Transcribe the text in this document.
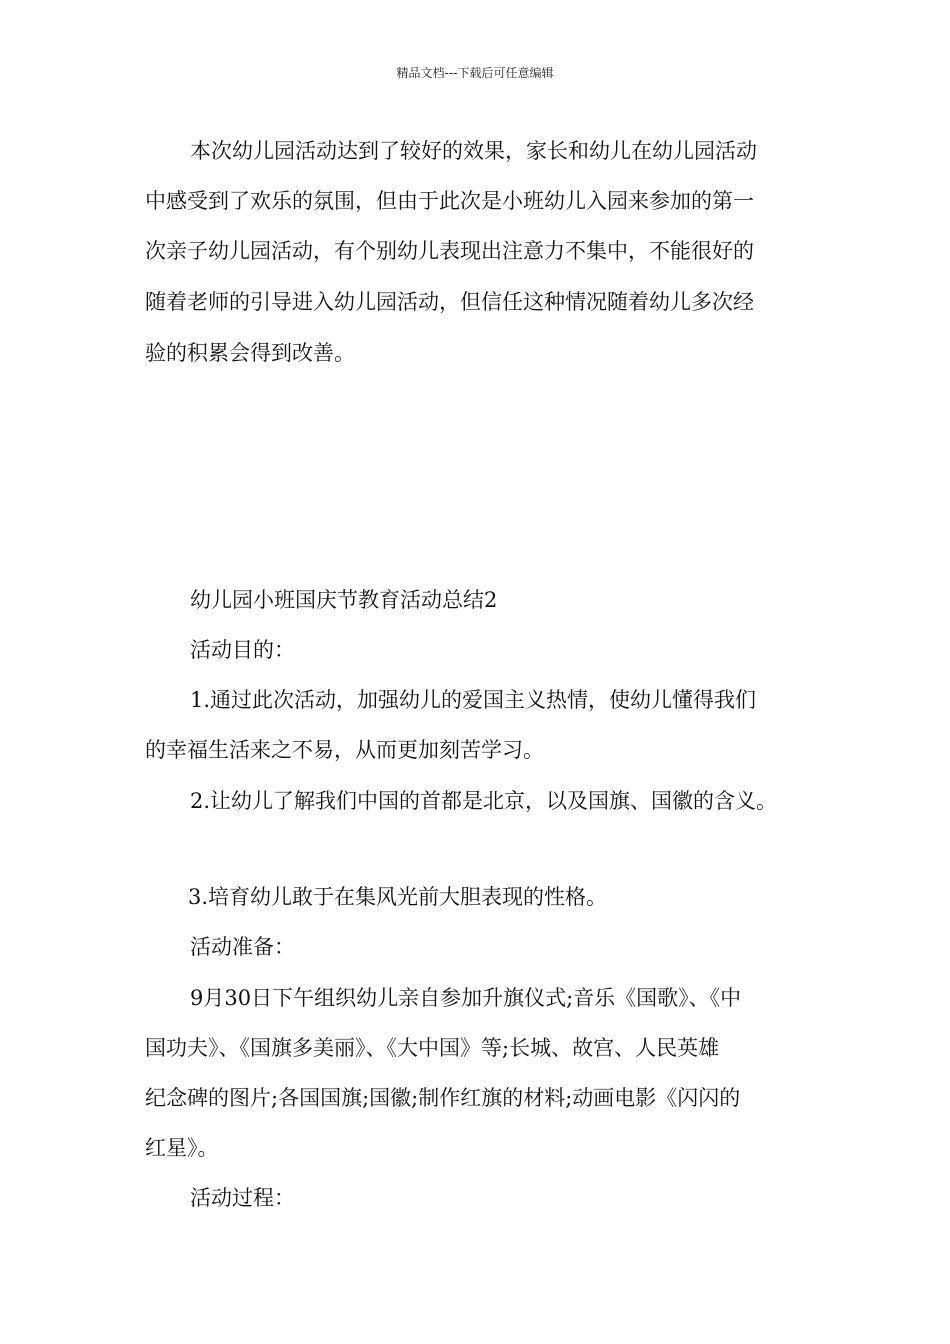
精品文档---下载后可任意编辑
本次幼儿园活动达到了较好的效果，家长和幼儿在幼儿园活动
中感受到了欢乐的氛围，但由于此次是小班幼儿入园来参加的第一
次亲子幼儿园活动，有个别幼儿表现出注意力不集中，不能很好的
随着老师的引导进入幼儿园活动，但信任这种情况随着幼儿多次经
验的积累会得到改善。
幼儿园小班国庆节教育活动总结2
活动目的：
1.通过此次活动，加强幼儿的爱国主义热情，使幼儿懂得我们
的幸福生活来之不易，从而更加刻苦学习。
2.让幼儿了解我们中国的首都是北京，以及国旗、国徽的含义。
3.培育幼儿敢于在集风光前大胆表现的性格。
活动准备：
9月30日下午组织幼儿亲自参加升旗仪式;音乐《国歌》、《中
国功夫》、《国旗多美丽》、《大中国》等;长城、故宫、人民英雄
纪念碑的图片;各国国旗;国徽;制作红旗的材料;动画电影《闪闪的
红星》。
活动过程：
